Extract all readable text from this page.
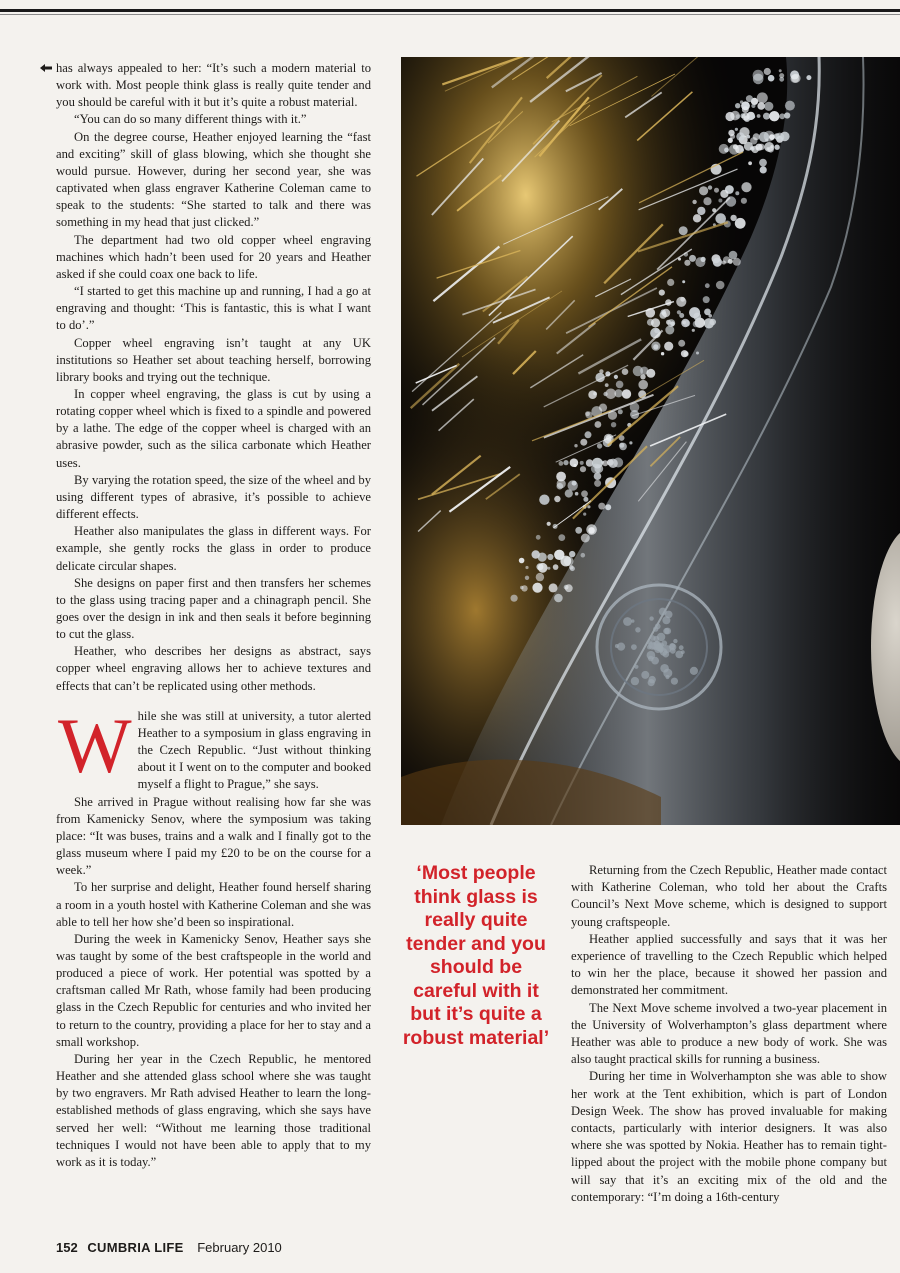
has always appealed to her: “It’s such a modern material to work with. Most people think glass is really quite tender and you should be careful with it but it’s quite a robust material.

“You can do so many different things with it.”

On the degree course, Heather enjoyed learning the “fast and exciting” skill of glass blowing, which she thought she would pursue. However, during her second year, she was captivated when glass engraver Katherine Coleman came to speak to the students: “She started to talk and there was something in my head that just clicked.”

The department had two old copper wheel engraving machines which hadn’t been used for 20 years and Heather asked if she could coax one back to life.

“I started to get this machine up and running, I had a go at engraving and thought: ‘This is fantastic, this is what I want to do’.”

Copper wheel engraving isn’t taught at any UK institutions so Heather set about teaching herself, borrowing library books and trying out the technique.

In copper wheel engraving, the glass is cut by using a rotating copper wheel which is fixed to a spindle and powered by a lathe. The edge of the copper wheel is charged with an abrasive powder, such as the silica carbonate which Heather uses.

By varying the rotation speed, the size of the wheel and by using different types of abrasive, it’s possible to achieve different effects.

Heather also manipulates the glass in different ways. For example, she gently rocks the glass in order to produce delicate circular shapes.

She designs on paper first and then transfers her schemes to the glass using tracing paper and a chinagraph pencil. She goes over the design in ink and then seals it before beginning to cut the glass.

Heather, who describes her designs as abstract, says copper wheel engraving allows her to achieve textures and effects that can’t be replicated using other methods.

While she was still at university, a tutor alerted Heather to a symposium in glass engraving in the Czech Republic. “Just without thinking about it I went on to the computer and booked myself a flight to Prague,” she says.

She arrived in Prague without realising how far she was from Kamenicky Senov, where the symposium was taking place: “It was buses, trains and a walk and I finally got to the glass museum where I paid my £20 to be on the course for a week.”

To her surprise and delight, Heather found herself sharing a room in a youth hostel with Katherine Coleman and she was able to tell her how she’d been so inspirational.

During the week in Kamenicky Senov, Heather says she was taught by some of the best craftspeople in the world and produced a piece of work. Her potential was spotted by a craftsman called Mr Rath, whose family had been producing glass in the Czech Republic for centuries and who invited her to return to the country, providing a place for her to stay and a small workshop.

During her year in the Czech Republic, he mentored Heather and she attended glass school where she was taught by two engravers. Mr Rath advised Heather to learn the long-established methods of glass engraving, which she says have served her well: “Without me learning those traditional techniques I would not have been able to apply that to my work as it is today.”

‘Most people think glass is really quite tender and you should be careful with it but it’s quite a robust material’

Returning from the Czech Republic, Heather made contact with Katherine Coleman, who told her about the Crafts Council’s Next Move scheme, which is designed to support young craftspeople.

Heather applied successfully and says that it was her experience of travelling to the Czech Republic which helped to win her the place, because it showed her passion and demonstrated her commitment.

The Next Move scheme involved a two-year placement in the University of Wolverhampton’s glass department where Heather was able to produce a new body of work. She was also taught practical skills for running a business.

During her time in Wolverhampton she was able to show her work at the Tent exhibition, which is part of London Design Week. The show has proved invaluable for making contacts, particularly with interior designers. It was also where she was spotted by Nokia. Heather has to remain tight-lipped about the project with the mobile phone company but will say that it’s an exciting mix of the old and the contemporary: “I’m doing a 16th-century

152 CUMBRIA LIFE February 2010
